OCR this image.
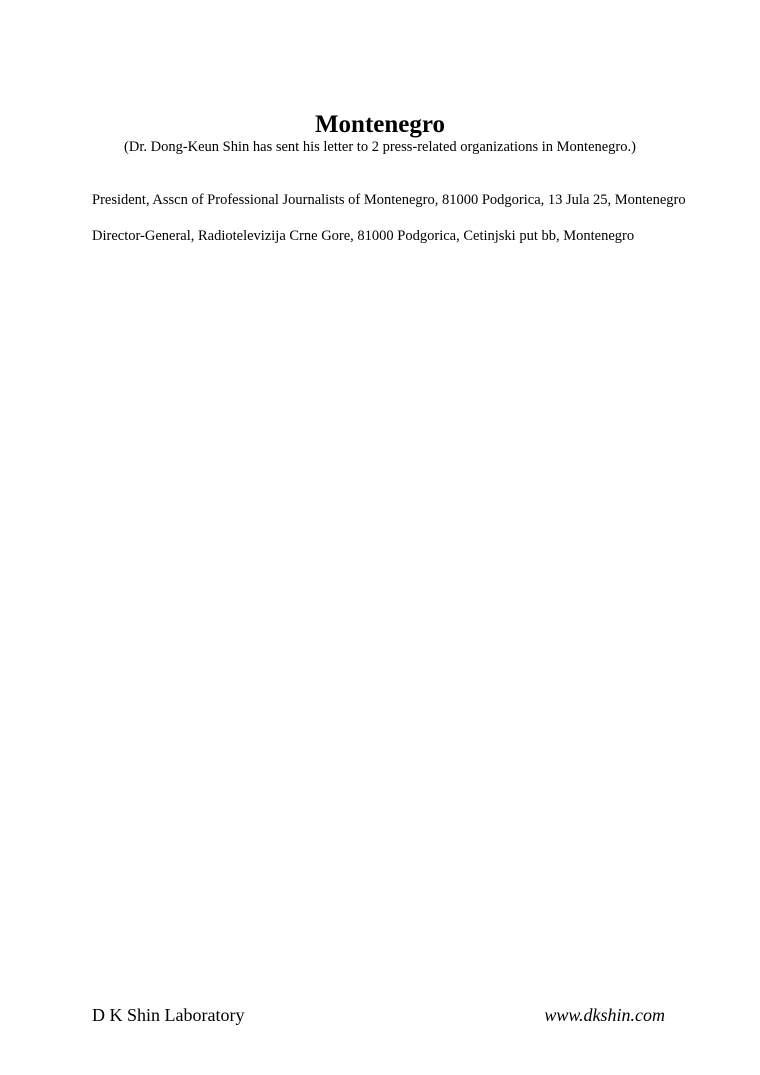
Montenegro
(Dr. Dong-Keun Shin has sent his letter to 2 press-related organizations in Montenegro.)

President, Asscn of Professional Journalists of Montenegro, 81000 Podgorica, 13 Jula 25, Montenegro

Director-General, Radiotelevizija Crne Gore, 81000 Podgorica, Cetinjski put bb, Montenegro

D K Shin Laboratory	www.dkshin.com
